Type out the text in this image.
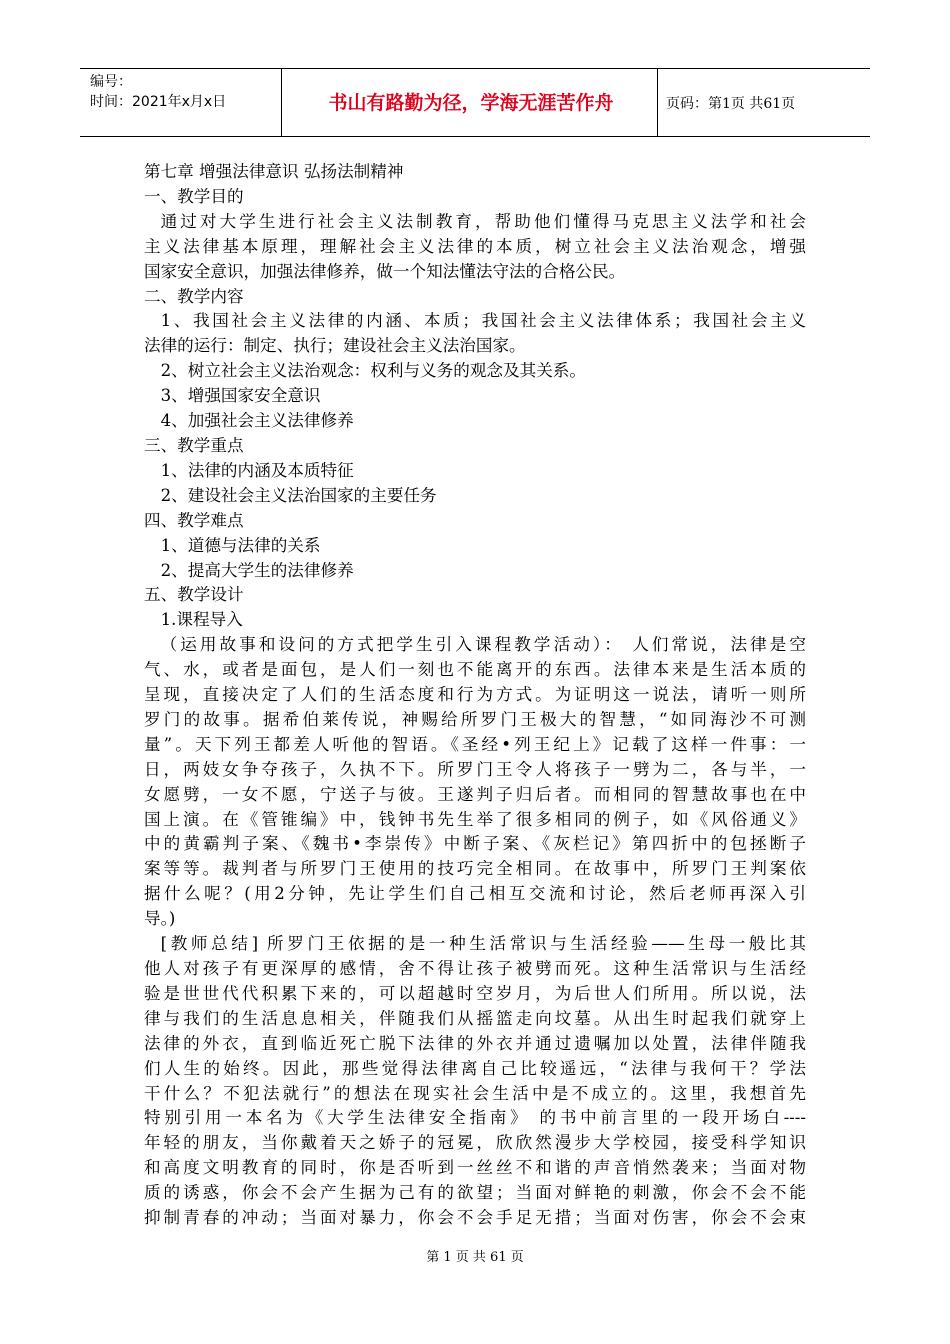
编号：
时间：2021年x月x日	书山有路勤为径，学海无涯苦作舟	页码：第1页 共61页

第七章 增强法律意识 弘扬法制精神

一、教学目的

通过对大学生进行社会主义法制教育，帮助他们懂得马克思主义法学和社会

主义法律基本原理，理解社会主义法律的本质，树立社会主义法治观念，增强

国家安全意识，加强法律修养，做一个知法懂法守法的合格公民。

二、教学内容

1、我国社会主义法律的内涵、本质；我国社会主义法律体系；我国社会主义

法律的运行：制定、执行；建设社会主义法治国家。

2、树立社会主义法治观念：权利与义务的观念及其关系。

3、增强国家安全意识

4、加强社会主义法律修养

三、教学重点

1、法律的内涵及本质特征

2、建设社会主义法治国家的主要任务

四、教学难点

1、道德与法律的关系

2、提高大学生的法律修养

五、教学设计

1.课程导入

（运用故事和设问的方式把学生引入课程教学活动）： 人们常说，法律是空

气、水，或者是面包，是人们一刻也不能离开的东西。法律本来是生活本质的

呈现，直接决定了人们的生活态度和行为方式。为证明这一说法，请听一则所

罗门的故事。据希伯莱传说，神赐给所罗门王极大的智慧，“如同海沙不可测

量”。天下列王都差人听他的智语。《圣经•列王纪上》记载了这样一件事：一

日，两妓女争夺孩子，久执不下。所罗门王令人将孩子一劈为二，各与半，一

女愿劈，一女不愿，宁送子与彼。王遂判子归后者。而相同的智慧故事也在中

国上演。在《管锥编》中，钱钟书先生举了很多相同的例子，如《风俗通义》

中的黄霸判子案、《魏书•李崇传》中断子案、《灰栏记》第四折中的包拯断子

案等等。裁判者与所罗门王使用的技巧完全相同。在故事中，所罗门王判案依

据什么呢？(用2分钟，先让学生们自己相互交流和讨论，然后老师再深入引

导。)

[教师总结] 所罗门王依据的是一种生活常识与生活经验——生母一般比其

他人对孩子有更深厚的感情，舍不得让孩子被劈而死。这种生活常识与生活经

验是世世代代积累下来的，可以超越时空岁月，为后世人们所用。所以说，法

律与我们的生活息息相关，伴随我们从摇篮走向坟墓。从出生时起我们就穿上

法律的外衣，直到临近死亡脱下法律的外衣并通过遗嘱加以处置，法律伴随我

们人生的始终。因此，那些觉得法律离自己比较遥远，“法律与我何干？学法

干什么？不犯法就行”的想法在现实社会生活中是不成立的。这里，我想首先

特别引用一本名为《大学生法律安全指南》 的书中前言里的一段开场白----

年轻的朋友，当你戴着天之娇子的冠冕，欣欣然漫步大学校园，接受科学知识

和高度文明教育的同时，你是否听到一丝丝不和谐的声音悄然袭来；当面对物

质的诱惑，你会不会产生据为己有的欲望；当面对鲜艳的刺激，你会不会不能

抑制青春的冲动；当面对暴力，你会不会手足无措；当面对伤害，你会不会束

第 1 页 共 61 页
